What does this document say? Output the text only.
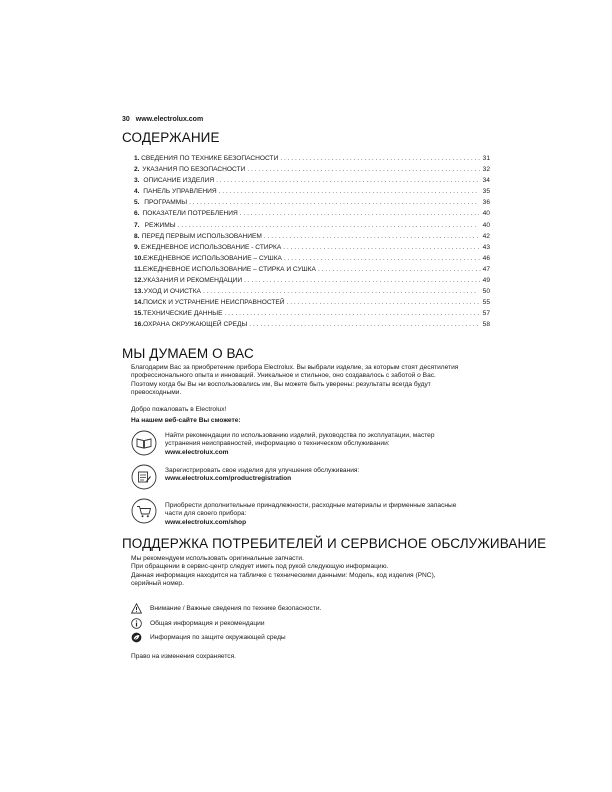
30 www.electrolux.com
СОДЕРЖАНИЕ
1. СВЕДЕНИЯ ПО ТЕХНИКЕ БЕЗОПАСНОСТИ . . .	31
2. УКАЗАНИЯ ПО БЕЗОПАСНОСТИ . . .	32
3. ОПИСАНИЕ ИЗДЕЛИЯ . . .	34
4. ПАНЕЛЬ УПРАВЛЕНИЯ . . .	35
5. ПРОГРАММЫ . . .	36
6. ПОКАЗАТЕЛИ ПОТРЕБЛЕНИЯ . . .	40
7. РЕЖИМЫ . . .	40
8. ПЕРЕД ПЕРВЫМ ИСПОЛЬЗОВАНИЕМ . . .	42
9. ЕЖЕДНЕВНОЕ ИСПОЛЬЗОВАНИЕ - СТИРКА . . .	43
10. ЕЖЕДНЕВНОЕ ИСПОЛЬЗОВАНИЕ – СУШКА . . .	46
11. ЕЖЕДНЕВНОЕ ИСПОЛЬЗОВАНИЕ – СТИРКА И СУШКА . . .	47
12. УКАЗАНИЯ И РЕКОМЕНДАЦИИ . . .	49
13. УХОД И ОЧИСТКА . . .	50
14. ПОИСК И УСТРАНЕНИЕ НЕИСПРАВНОСТЕЙ . . .	55
15. ТЕХНИЧЕСКИЕ ДАННЫЕ . . .	57
16. ОХРАНА ОКРУЖАЮЩЕЙ СРЕДЫ . . .	58
МЫ ДУМАЕМ О ВАС
Благодарим Вас за приобретение прибора Electrolux. Вы выбрали изделие, за которым стоят десятилетия
профессионального опыта и инноваций. Уникальное и стильное, оно создавалось с заботой о Вас.
Поэтому когда бы Вы ни воспользовались им, Вы можете быть уверены: результаты всегда будут
превосходными.
Добро пожаловать в Electrolux!
На нашем веб-сайте Вы сможете:
Найти рекомендации по использованию изделий, руководства по эксплуатации, мастер
устранения неисправностей, информацию о техническом обслуживании:
www.electrolux.com
Зарегистрировать свое изделия для улучшения обслуживания:
www.electrolux.com/productregistration
Приобрести дополнительные принадлежности, расходные материалы и фирменные запасные
части для своего прибора:
www.electrolux.com/shop
ПОДДЕРЖКА ПОТРЕБИТЕЛЕЙ И СЕРВИСНОЕ ОБСЛУЖИВАНИЕ
Мы рекомендуем использовать оригинальные запчасти.
При обращении в сервис-центр следует иметь под рукой следующую информацию.
Данная информация находится на табличке с техническими данными: Модель, код изделия (PNC),
серийный номер.
Внимание / Важные сведения по технике безопасности.
Общая информация и рекомендации
Информация по защите окружающей среды
Право на изменения сохраняется.
